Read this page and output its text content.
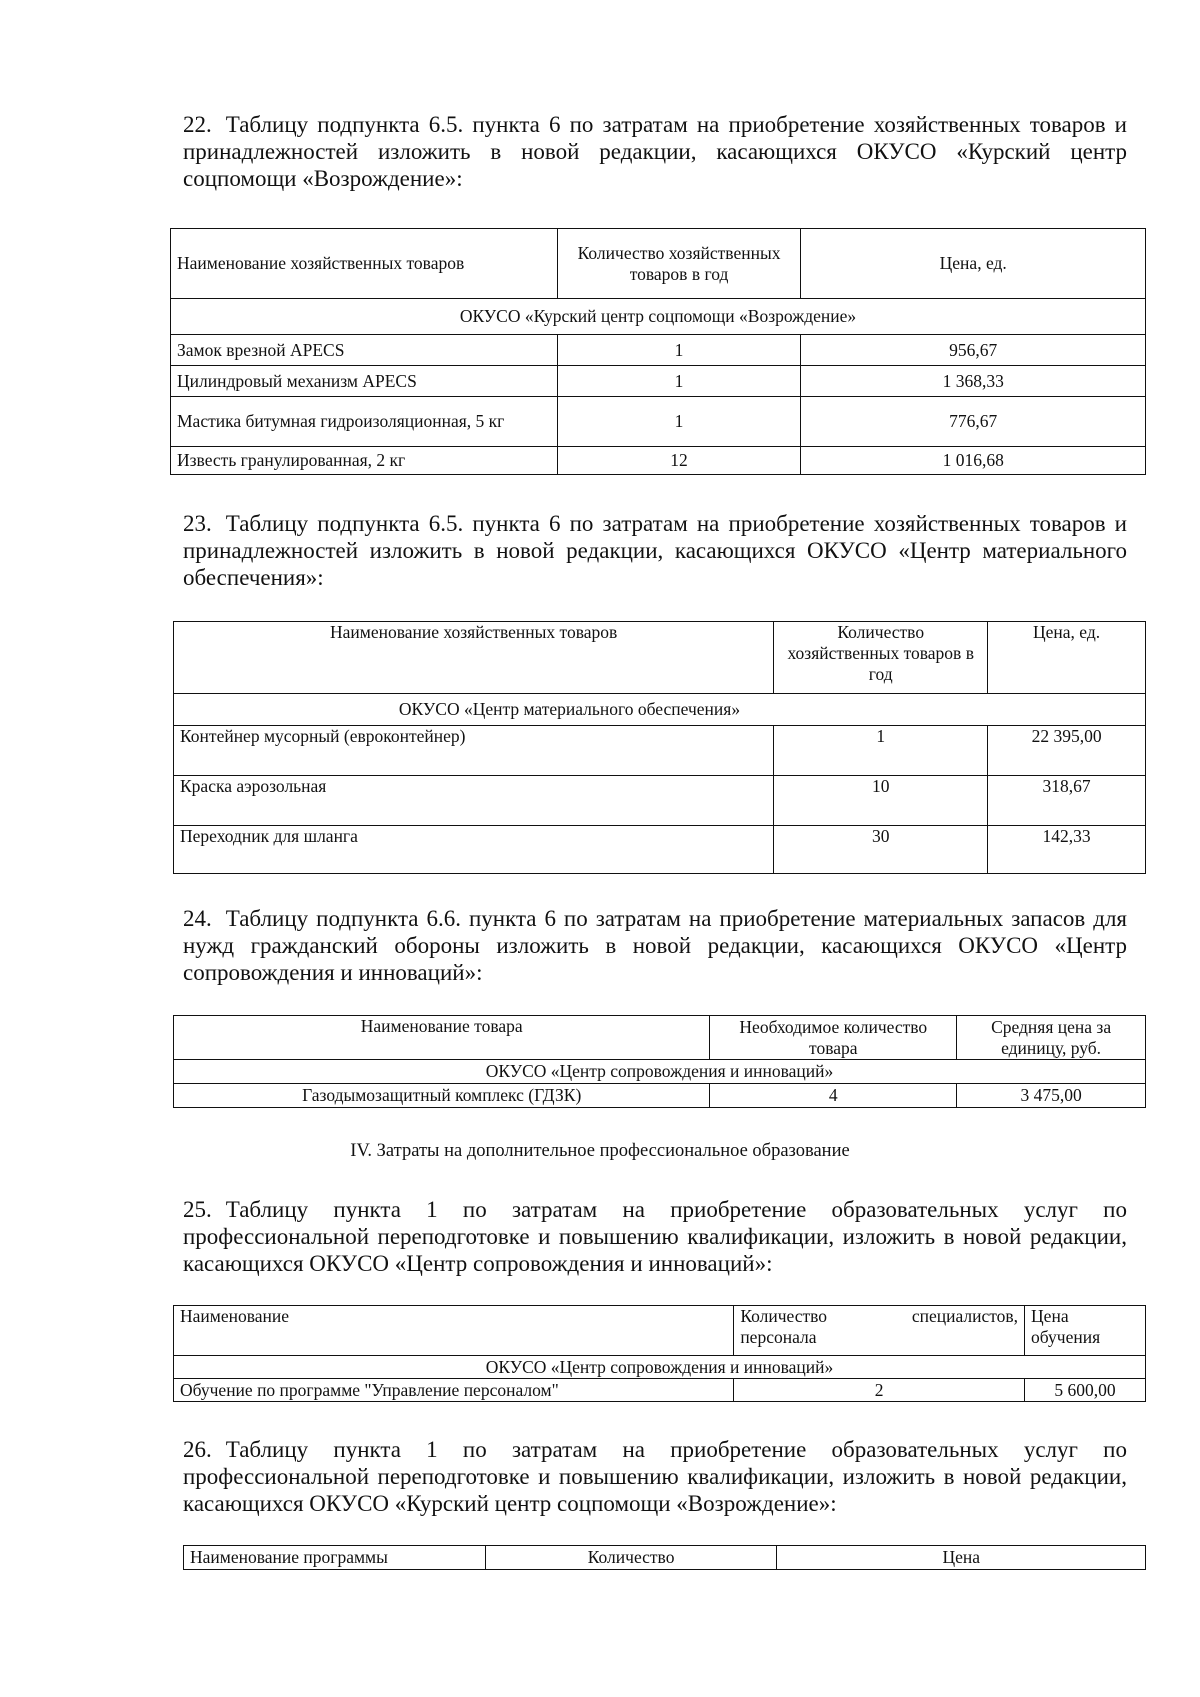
22. Таблицу подпункта 6.5. пункта 6 по затратам на приобретение хозяйственных товаров и принадлежностей изложить в новой редакции, касающихся ОКУСО «Курский центр соцпомощи «Возрождение»:
Наименование хозяйственных товаров	Количество хозяйственных товаров в год	Цена, ед.
ОКУСО «Курский центр соцпомощи «Возрождение»		
Замок врезной APECS	1	956,67
Цилиндровый механизм APECS	1	1 368,33
Мастика битумная гидроизоляционная, 5 кг	1	776,67
Известь гранулированная, 2 кг	12	1 016,68
23. Таблицу подпункта 6.5. пункта 6 по затратам на приобретение хозяйственных товаров и принадлежностей изложить в новой редакции, касающихся ОКУСО «Центр материального обеспечения»:
Наименование хозяйственных товаров	Количество хозяйственных товаров в год	Цена, ед.
ОКУСО «Центр материального обеспечения»		
Контейнер мусорный (евроконтейнер)	1	22 395,00
Краска аэрозольная	10	318,67
Переходник для шланга	30	142,33
24. Таблицу подпункта 6.6. пункта 6 по затратам на приобретение материальных запасов для нужд гражданский обороны изложить в новой редакции, касающихся ОКУСО «Центр сопровождения и инноваций»:
Наименование товара	Необходимое количество товара	Средняя цена за единицу, руб.
ОКУСО «Центр сопровождения и инноваций»		
Газодымозащитный комплекс (ГДЗК)	4	3 475,00
IV. Затраты на дополнительное профессиональное образование
25. Таблицу пункта 1 по затратам на приобретение образовательных услуг по профессиональной переподготовке и повышению квалификации, изложить в новой редакции, касающихся ОКУСО «Центр сопровождения и инноваций»:
Наименование	Количество специалистов, персонала	Цена обучения
ОКУСО «Центр сопровождения и инноваций»		
Обучение по программе "Управление персоналом"	2	5 600,00
26. Таблицу пункта 1 по затратам на приобретение образовательных услуг по профессиональной переподготовке и повышению квалификации, изложить в новой редакции, касающихся ОКУСО «Курский центр соцпомощи «Возрождение»:
Наименование программы	Количество	Цена
